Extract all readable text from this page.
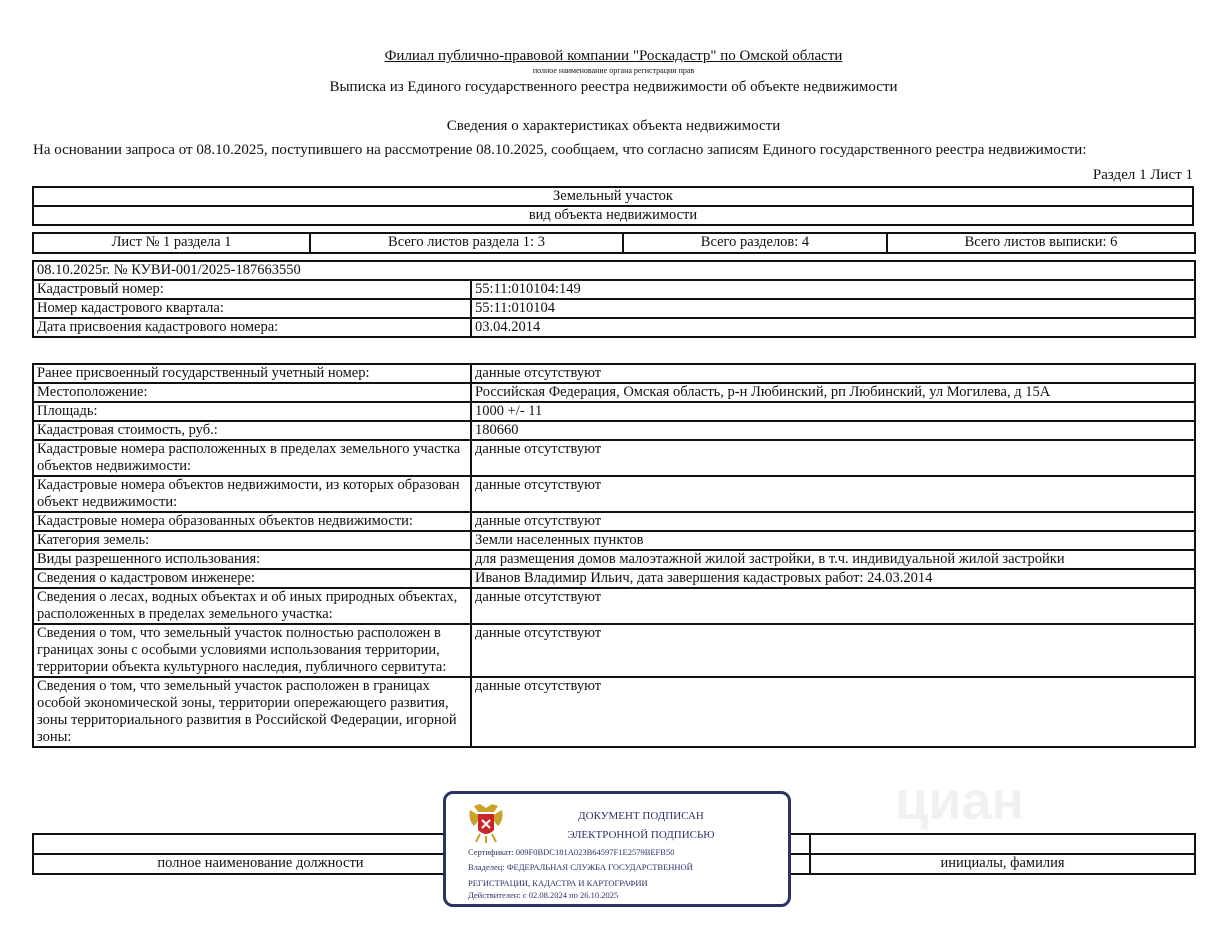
Филиал публично-правовой компании "Роскадастр" по Омской области
полное наименование органа регистрации прав
Выписка из Единого государственного реестра недвижимости об объекте недвижимости
Сведения о характеристиках объекта недвижимости
На основании запроса от 08.10.2025, поступившего на рассмотрение 08.10.2025, сообщаем, что согласно записям Единого государственного реестра недвижимости:
Раздел 1 Лист 1
Земельный участок
вид объекта недвижимости
Лист № 1 раздела 1	Всего листов раздела 1: 3	Всего разделов: 4	Всего листов выписки: 6
08.10.2025г. № КУВИ-001/2025-187663550	
Кадастровый номер:	55:11:010104:149
Номер кадастрового квартала:	55:11:010104
Дата присвоения кадастрового номера:	03.04.2014
Ранее присвоенный государственный учетный номер:	данные отсутствуют
Местоположение:	Российская Федерация, Омская область, р-н Любинский, рп Любинский, ул Могилева, д 15А
Площадь:	1000 +/- 11
Кадастровая стоимость, руб.:	180660
Кадастровые номера расположенных в пределах земельного участка объектов недвижимости:	данные отсутствуют
Кадастровые номера объектов недвижимости, из которых образован объект недвижимости:	данные отсутствуют
Кадастровые номера образованных объектов недвижимости:	данные отсутствуют
Категория земель:	Земли населенных пунктов
Виды разрешенного использования:	для размещения домов малоэтажной жилой застройки, в т.ч. индивидуальной жилой застройки
Сведения о кадастровом инженере:	Иванов Владимир Ильич, дата завершения кадастровых работ: 24.03.2014
Сведения о лесах, водных объектах и об иных природных объектах, расположенных в пределах земельного участка:	данные отсутствуют
Сведения о том, что земельный участок полностью расположен в границах зоны с особыми условиями использования территории, территории объекта культурного наследия, публичного сервитута:	данные отсутствуют
Сведения о том, что земельный участок расположен в границах особой экономической зоны, территории опережающего развития, зоны территориального развития в Российской Федерации, игорной зоны:	данные отсутствуют
циан

полное наименование должности		инициалы, фамилия
ДОКУМЕНТ ПОДПИСАН
ЭЛЕКТРОННОЙ ПОДПИСЬЮ
Сертификат: 009F0BDC181A023B64597F1E2579BEFB50
Владелец: ФЕДЕРАЛЬНАЯ СЛУЖБА ГОСУДАРСТВЕННОЙ
РЕГИСТРАЦИИ, КАДАСТРА И КАРТОГРАФИИ
Действителен: с 02.08.2024 по 26.10.2025
